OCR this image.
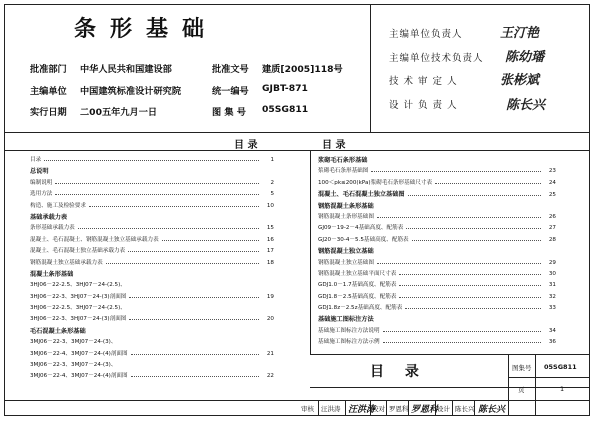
条形基础
批准部门 中华人民共和国建设部	批准文号 建质[2005]118号
主编单位 中国建筑标准设计研究院	统一编号 GJBT-871
实行日期 二00五年九月一日	图 集 号 05SG811
主编单位负责人	王汀艳
主编单位技术负责人 陈幼璠
技 术 审 定 人	张彬斌
设 计 负 责 人	陈长兴
目 录	目 录
目录	1
总说明
编制说明	2
选用方法	5
构造、施工及检验要求	10
基础承载力表
条形基础承载力表	15
混凝土、毛石混凝土、钢筋混凝土独立基础承载力表	16
混凝土、毛石混凝土独立基础承载力表	17
钢筋混凝土独立基础承载力表	18
混凝土条形基础
3HJ06－22-2.5、3HJ07－24-(2.5)、
3HJ06－22-3、3HJ07－24-(3)剖面图	19
3HJ06－22-2.5、3HJ07－24-(2.5)、
3HJ06－22-3、3HJ07－24-(3)剖面图	20
毛石混凝土条形基础
3MJ06－22-3、3MJ07－24-(3)、
3MJ06－22-4、3MJ07－24-(4)剖面图	21
3MJ06－22-3、3MJ07－24-(3)、
3MJ06－22-4、3MJ07－24-(4)剖面图	22
浆砌毛石条形基础
浆砌毛石条形基础图	23
100＜pk≤200(kPa)浆砌毛石条形基础尺寸表	24
混凝土、毛石混凝土独立基础图	25
钢筋混凝土条形基础
钢筋混凝土条形基础图	26
GJ09－19-2－4基础高度、配筋表	27
GJ20－30-4－5.5基础高度、配筋表	28
钢筋混凝土独立基础
钢筋混凝土独立基础图	29
钢筋混凝土独立基础平面尺寸表	30
GDJ1.0－1.7基础高度、配筋表	31
GDJ1.8－2.5基础高度、配筋表	32
GDJ1.8z－2.5z基础高度、配筋表	33
基础施工图标注方法
基础施工图标注方法说明	34
基础施工图标注方法示例	36
目 录	图集号 05SG811
页	1
审核 汪洪涛 汪洪涛
校对 罗恩科 罗恩科
设计 陈长兴 陈长兴
